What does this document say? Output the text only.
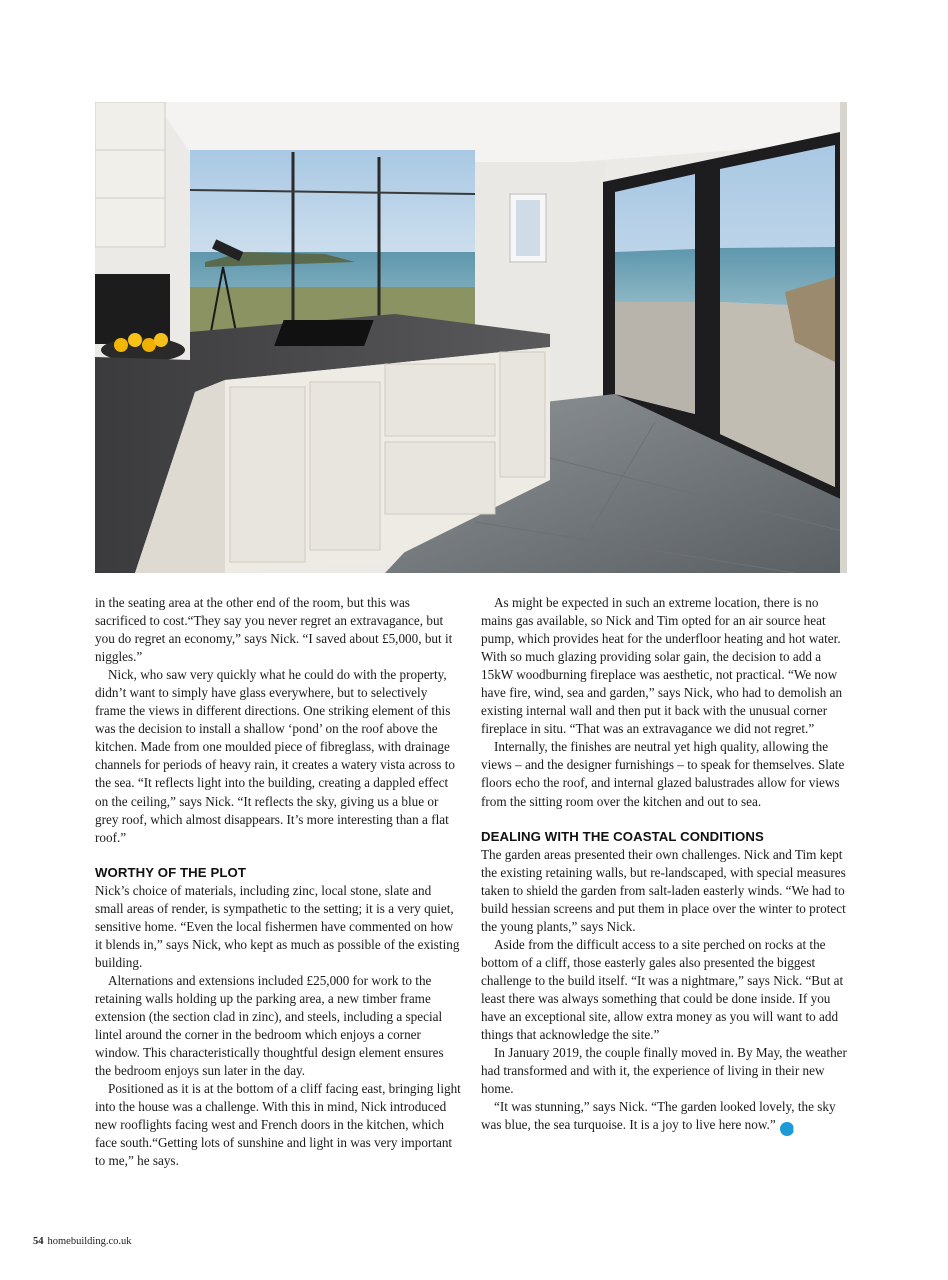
in the seating area at the other end of the room, but this was sacrificed to cost.“They say you never regret an extravagance, but you do regret an economy,” says Nick. “I saved about £5,000, but it niggles.”

Nick, who saw very quickly what he could do with the property, didn’t want to simply have glass everywhere, but to selectively frame the views in different directions. One striking element of this was the decision to install a shallow ‘pond’ on the roof above the kitchen. Made from one moulded piece of fibreglass, with drainage channels for periods of heavy rain, it creates a watery vista across to the sea. “It reflects light into the building, creating a dappled effect on the ceiling,” says Nick. “It reflects the sky, giving us a blue or grey roof, which almost disappears. It’s more interesting than a flat roof.”

WORTHY OF THE PLOT

Nick’s choice of materials, including zinc, local stone, slate and small areas of render, is sympathetic to the setting; it is a very quiet, sensitive home. “Even the local fishermen have commented on how it blends in,” says Nick, who kept as much as possible of the existing building.

Alternations and extensions included £25,000 for work to the retaining walls holding up the parking area, a new timber frame extension (the section clad in zinc), and steels, including a special lintel around the corner in the bedroom which enjoys a corner window. This characteristically thoughtful design element ensures the bedroom enjoys sun later in the day.

Positioned as it is at the bottom of a cliff facing east, bringing light into the house was a challenge. With this in mind, Nick introduced new rooflights facing west and French doors in the kitchen, which face south.“Getting lots of sunshine and light in was very important to me,” he says.

As might be expected in such an extreme location, there is no mains gas available, so Nick and Tim opted for an air source heat pump, which provides heat for the underfloor heating and hot water. With so much glazing providing solar gain, the decision to add a 15kW woodburning fireplace was aesthetic, not practical. “We now have fire, wind, sea and garden,” says Nick, who had to demolish an existing internal wall and then put it back with the unusual corner fireplace in situ. “That was an extravagance we did not regret.”

Internally, the finishes are neutral yet high quality, allowing the views – and the designer furnishings – to speak for themselves. Slate floors echo the roof, and internal glazed balustrades allow for views from the sitting room over the kitchen and out to sea.

DEALING WITH THE COASTAL CONDITIONS

The garden areas presented their own challenges. Nick and Tim kept the existing retaining walls, but re-landscaped, with special measures taken to shield the garden from salt-laden easterly winds. “We had to build hessian screens and put them in place over the winter to protect the young plants,” says Nick.

Aside from the difficult access to a site perched on rocks at the bottom of a cliff, those easterly gales also presented the biggest challenge to the build itself. “It was a nightmare,” says Nick. “But at least there was always something that could be done inside. If you have an exceptional site, allow extra money as you will want to add things that acknowledge the site.”

In January 2019, the couple finally moved in. By May, the weather had transformed and with it, the experience of living in their new home.

“It was stunning,” says Nick. “The garden looked lovely, the sky was blue, the sea turquoise. It is a joy to live here now.” H

54 homebuilding.co.uk
